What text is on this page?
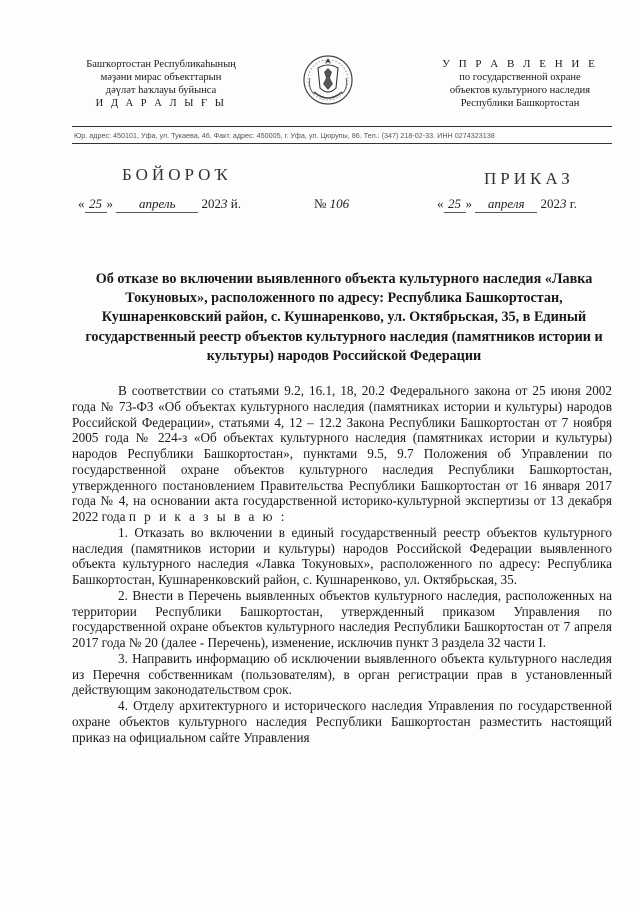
Башҡортостан Республикаһының
мәҙәни мирас объекттарын
дәүләт һаҡлауы буйынса
И Д А Р А Л Ы Ғ Ы
У П Р А В Л Е Н И Е
по государственной охране
объектов культурного наследия
Республики Башкортостан
Юр. адрес: 450101, Уфа, ул. Тукаева, 46. Факт. адрес: 450005, г. Уфа, ул. Цюрупы, 86. Тел.: (347) 218-02-33. ИНН 0274323138
БОЙОРОҠ	ПРИКАЗ
« 25 » апрель 2023 й.	№ 106	« 25 » апреля 2023 г.
Об отказе во включении выявленного объекта культурного наследия «Лавка Токуновых», расположенного по адресу: Республика Башкортостан, Кушнаренковский район, с. Кушнаренково, ул. Октябрьская, 35, в Единый государственный реестр объектов культурного наследия (памятников истории и культуры) народов Российской Федерации

В соответствии со статьями 9.2, 16.1, 18, 20.2 Федерального закона от 25 июня 2002 года № 73-ФЗ «Об объектах культурного наследия (памятниках истории и культуры) народов Российской Федерации», статьями 4, 12 – 12.2 Закона Республики Башкортостан от 7 ноября 2005 года № 224-з «Об объектах культурного наследия (памятниках истории и культуры) народов Республики Башкортостан», пунктами 9.5, 9.7 Положения об Управлении по государственной охране объектов культурного наследия Республики Башкортостан, утвержденного постановлением Правительства Республики Башкортостан от 16 января 2017 года № 4, на основании акта государственной историко-культурной экспертизы от 13 декабря 2022 года п р и к а з ы в а ю :

1. Отказать во включении в единый государственный реестр объектов культурного наследия (памятников истории и культуры) народов Российской Федерации выявленного объекта культурного наследия «Лавка Токуновых», расположенного по адресу: Республика Башкортостан, Кушнаренковский район, с. Кушнаренково, ул. Октябрьская, 35.

2. Внести в Перечень выявленных объектов культурного наследия, расположенных на территории Республики Башкортостан, утвержденный приказом Управления по государственной охране объектов культурного наследия Республики Башкортостан от 7 апреля 2017 года № 20 (далее - Перечень), изменение, исключив пункт 3 раздела 32 части I.

3. Направить информацию об исключении выявленного объекта культурного наследия из Перечня собственникам (пользователям), в орган регистрации прав в установленный действующим законодательством срок.

4. Отделу архитектурного и исторического наследия Управления по государственной охране объектов культурного наследия Республики Башкортостан разместить настоящий приказ на официальном сайте Управления
